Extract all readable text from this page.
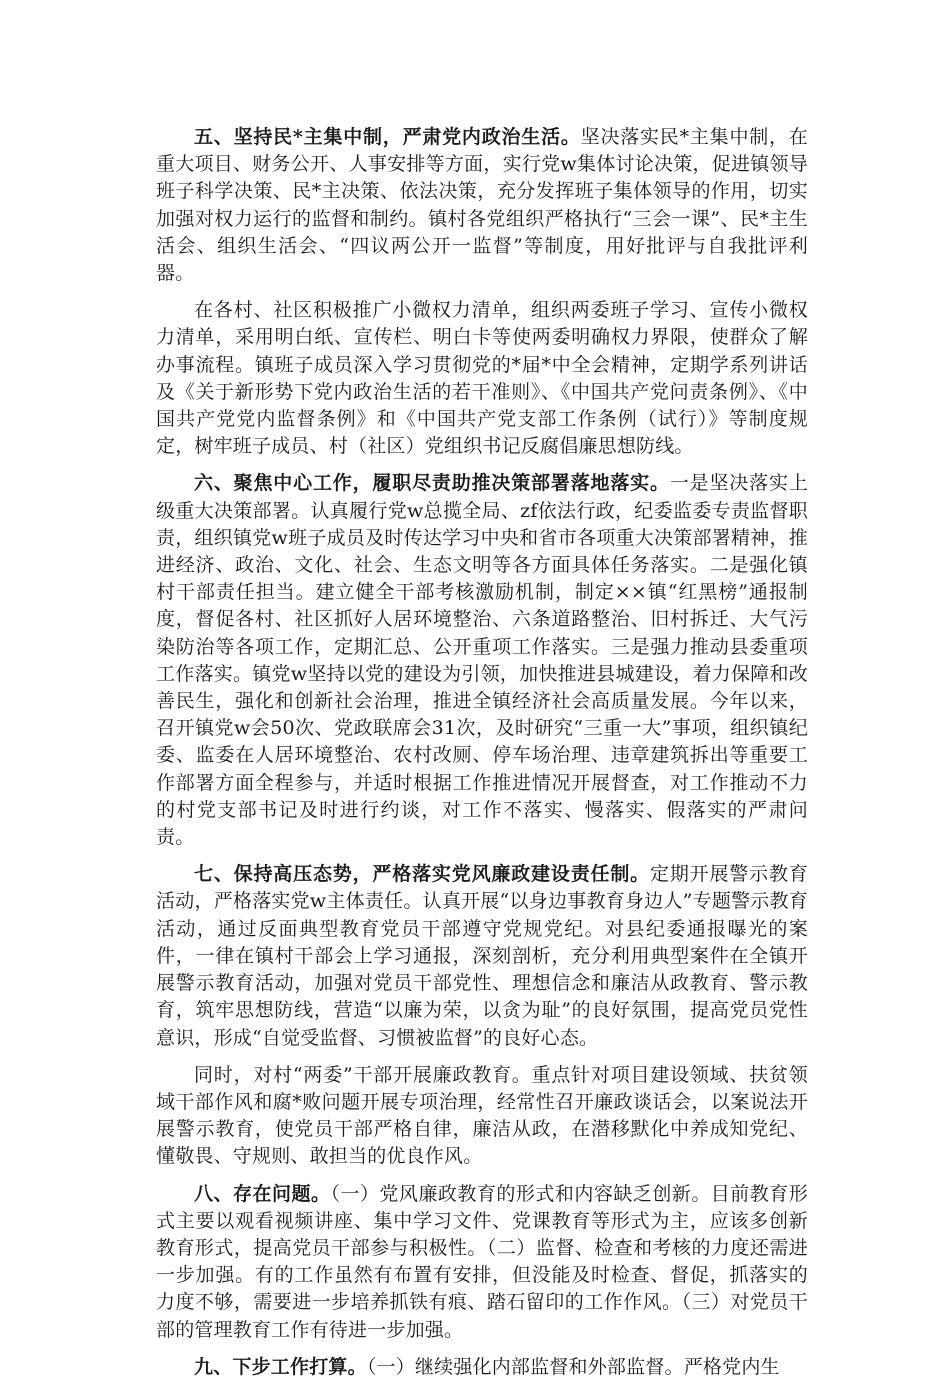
五、坚持民*主集中制，严肃党内政治生活。坚决落实民*主集中制，在重大项目、财务公开、人事安排等方面，实行党w集体讨论决策，促进镇领导班子科学决策、民*主决策、依法决策，充分发挥班子集体领导的作用，切实加强对权力运行的监督和制约。镇村各党组织严格执行“三会一课”、民*主生活会、组织生活会、“四议两公开一监督”等制度，用好批评与自我批评利器。

在各村、社区积极推广小微权力清单，组织两委班子学习、宣传小微权力清单，采用明白纸、宣传栏、明白卡等使两委明确权力界限，使群众了解办事流程。镇班子成员深入学习贯彻党的*届*中全会精神，定期学系列讲话及《关于新形势下党内政治生活的若干准则》、《中国共产党问责条例》、《中国共产党党内监督条例》和《中国共产党支部工作条例（试行）》等制度规定，树牢班子成员、村（社区）党组织书记反腐倡廉思想防线。

六、聚焦中心工作，履职尽责助推决策部署落地落实。一是坚决落实上级重大决策部署。认真履行党w总揽全局、zf依法行政，纪委监委专责监督职责，组织镇党w班子成员及时传达学习中央和省市各项重大决策部署精神，推进经济、政治、文化、社会、生态文明等各方面具体任务落实。二是强化镇村干部责任担当。建立健全干部考核激励机制，制定××镇“红黑榜”通报制度，督促各村、社区抓好人居环境整治、六条道路整治、旧村拆迁、大气污染防治等各项工作，定期汇总、公开重项工作落实。三是强力推动县委重项工作落实。镇党w坚持以党的建设为引领，加快推进县城建设，着力保障和改善民生，强化和创新社会治理，推进全镇经济社会高质量发展。今年以来，召开镇党w会50次、党政联席会31次，及时研究“三重一大”事项，组织镇纪委、监委在人居环境整治、农村改厕、停车场治理、违章建筑拆出等重要工作部署方面全程参与，并适时根据工作推进情况开展督查，对工作推动不力的村党支部书记及时进行约谈，对工作不落实、慢落实、假落实的严肃问责。

七、保持高压态势，严格落实党风廉政建设责任制。定期开展警示教育活动，严格落实党w主体责任。认真开展“以身边事教育身边人”专题警示教育活动，通过反面典型教育党员干部遵守党规党纪。对县纪委通报曝光的案件，一律在镇村干部会上学习通报，深刻剖析，充分利用典型案件在全镇开展警示教育活动，加强对党员干部党性、理想信念和廉洁从政教育、警示教育，筑牢思想防线，营造“以廉为荣，以贪为耻”的良好氛围，提高党员党性意识，形成“自觉受监督、习惯被监督”的良好心态。

同时，对村“两委”干部开展廉政教育。重点针对项目建设领域、扶贫领域干部作风和腐*败问题开展专项治理，经常性召开廉政谈话会，以案说法开展警示教育，使党员干部严格自律，廉洁从政，在潜移默化中养成知党纪、懂敬畏、守规则、敢担当的优良作风。

八、存在问题。（一）党风廉政教育的形式和内容缺乏创新。目前教育形式主要以观看视频讲座、集中学习文件、党课教育等形式为主，应该多创新教育形式，提高党员干部参与积极性。（二）监督、检查和考核的力度还需进一步加强。有的工作虽然有布置有安排，但没能及时检查、督促，抓落实的力度不够，需要进一步培养抓铁有痕、踏石留印的工作作风。（三）对党员干部的管理教育工作有待进一步加强。

九、下步工作打算。（一）继续强化内部监督和外部监督。严格党内生
